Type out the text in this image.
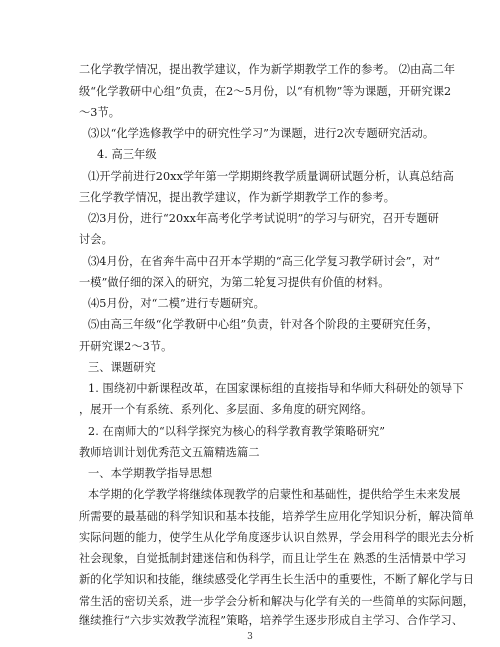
二化学教学情况，提出教学建议，作为新学期教学工作的参考。 ⑵由高二年
级“化学教研中心组”负责，在2～5月份，以“有机物”等为课题，开研究课2
～3节。
⑶以“化学选修教学中的研究性学习”为课题，进行2次专题研究活动。
4. 高三年级
⑴开学前进行20xx学年第一学期期终教学质量调研试题分析，认真总结高
三化学教学情况，提出教学建议，作为新学期教学工作的参考。
⑵3月份，进行“20xx年高考化学考试说明”的学习与研究，召开专题研
讨会。
⑶4月份，在省奔牛高中召开本学期的“高三化学复习教学研讨会”，对“
一模”做仔细的深入的研究，为第二轮复习提供有价值的材料。
⑷5月份，对“二模”进行专题研究。
⑸由高三年级“化学教研中心组”负责，针对各个阶段的主要研究任务，
开研究课2～3节。
三、课题研究
1. 围绕初中新课程改革，在国家课标组的直接指导和华师大科研处的领导下
，展开一个有系统、系列化、多层面、多角度的研究网络。
2. 在南师大的“以科学探究为核心的科学教育教学策略研究”
教师培训计划优秀范文五篇精选篇二
一、本学期教学指导思想
本学期的化学教学将继续体现教学的启蒙性和基础性，提供给学生未来发展
所需要的最基础的科学知识和基本技能，培养学生应用化学知识分析，解决简单
实际问题的能力，使学生从化学角度逐步认识自然界，学会用科学的眼光去分析
社会现象，自觉抵制封建迷信和伪科学，而且让学生在 熟悉的生活情景中学习
新的化学知识和技能，继续感受化学再生长生活中的重要性，不断了解化学与日
常生活的密切关系，进一步学会分析和解决与化学有关的一些简单的实际问题，
继续推行“六步实效教学流程”策略，培养学生逐步形成自主学习、合作学习、
3
